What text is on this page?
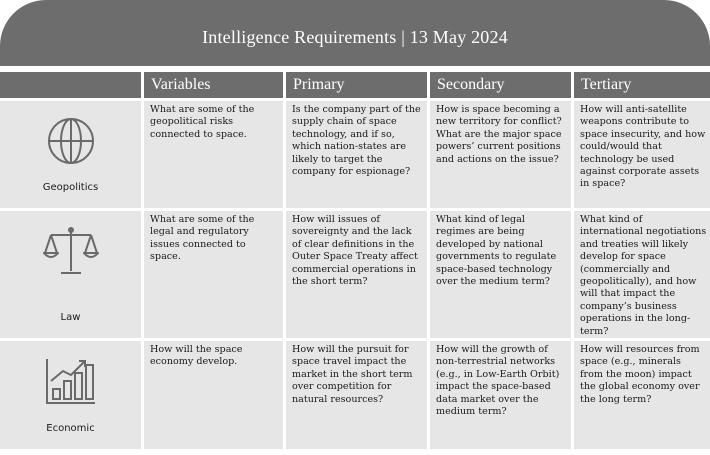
Intelligence Requirements | 13 May 2024
	Variables	Primary	Secondary	Tertiary

Geopolitics	What are some of the geopolitical risks connected to space.	Is the company part of the supply chain of space technology, and if so, which nation-states are likely to target the company for espionage?	How is space becoming a new territory for conflict? What are the major space powers’ current positions and actions on the issue?	How will anti-satellite weapons contribute to space insecurity, and how could/would that technology be used against corporate assets in space?

Law	What are some of the legal and regulatory issues connected to space.	How will issues of sovereignty and the lack of clear definitions in the Outer Space Treaty affect commercial operations in the short term?	What kind of legal regimes are being developed by national governments to regulate space-based technology over the medium term?	What kind of international negotiations and treaties will likely develop for space (commercially and geopolitically), and how will that impact the company’s business operations in the long-term?

Economic	How will the space economy develop.	How will the pursuit for space travel impact the market in the short term over competition for natural resources?	How will the growth of non-terrestrial networks (e.g., in Low-Earth Orbit) impact the space-based data market over the medium term?	How will resources from space (e.g., minerals from the moon) impact the global economy over the long term?
